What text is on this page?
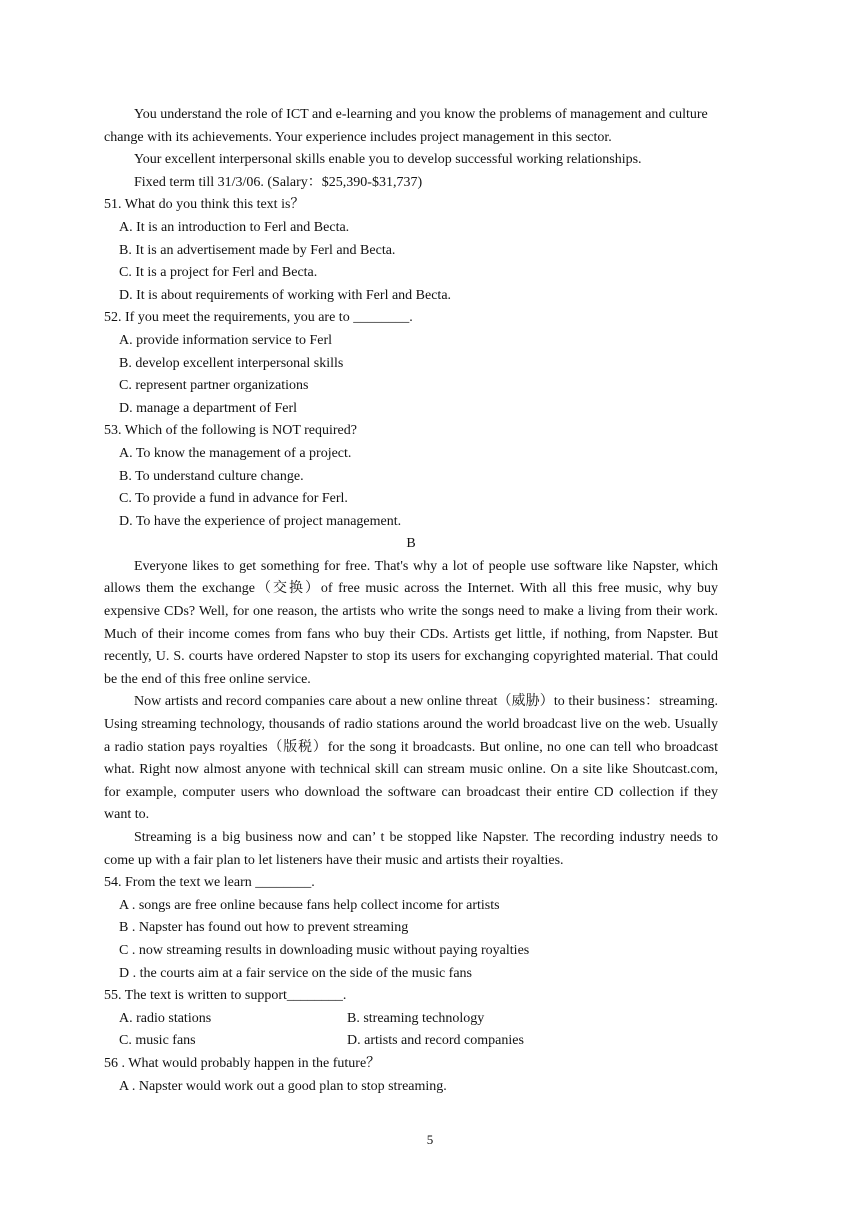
You understand the role of ICT and e-learning and you know the problems of management and culture change with its achievements. Your experience includes project management in this sector.

Your excellent interpersonal skills enable you to develop successful working relationships.

Fixed term till 31/3/06. (Salary：$25,390-$31,737)

51. What do you think this text is？

A. It is an introduction to Ferl and Becta.

B. It is an advertisement made by Ferl and Becta.

C. It is a project for Ferl and Becta.

D. It is about requirements of working with Ferl and Becta.

52. If you meet the requirements, you are to ________.

A. provide information service to Ferl

B. develop excellent interpersonal skills

C. represent partner organizations

D. manage a department of Ferl

53. Which of the following is NOT required?

A. To know the management of a project.

B. To understand culture change.

C. To provide a fund in advance for Ferl.

D. To have the experience of project management.

B

Everyone likes to get something for free. That's why a lot of people use software like Napster, which allows them the exchange（交换）of free music across the Internet. With all this free music, why buy expensive CDs? Well, for one reason, the artists who write the songs need to make a living from their work. Much of their income comes from fans who buy their CDs. Artists get little, if nothing, from Napster. But recently, U. S. courts have ordered Napster to stop its users for exchanging copyrighted material. That could be the end of this free online service.

Now artists and record companies care about a new online threat（威胁）to their business：streaming. Using streaming technology, thousands of radio stations around the world broadcast live on the web. Usually a radio station pays royalties（版税）for the song it broadcasts. But online, no one can tell who broadcast what. Right now almost anyone with technical skill can stream music online. On a site like Shoutcast.com, for example, computer users who download the software can broadcast their entire CD collection if they want to.

Streaming is a big business now and can’ t be stopped like Napster. The recording industry needs to come up with a fair plan to let listeners have their music and artists their royalties.

54. From the text we learn ________.

A . songs are free online because fans help collect income for artists

B . Napster has found out how to prevent streaming

C . now streaming results in downloading music without paying royalties

D . the courts aim at a fair service on the side of the music fans

55. The text is written to support________.

A. radio stations	B. streaming technology
C. music fans	D. artists and record companies

56 . What would probably happen in the future？

A . Napster would work out a good plan to stop streaming.

5
